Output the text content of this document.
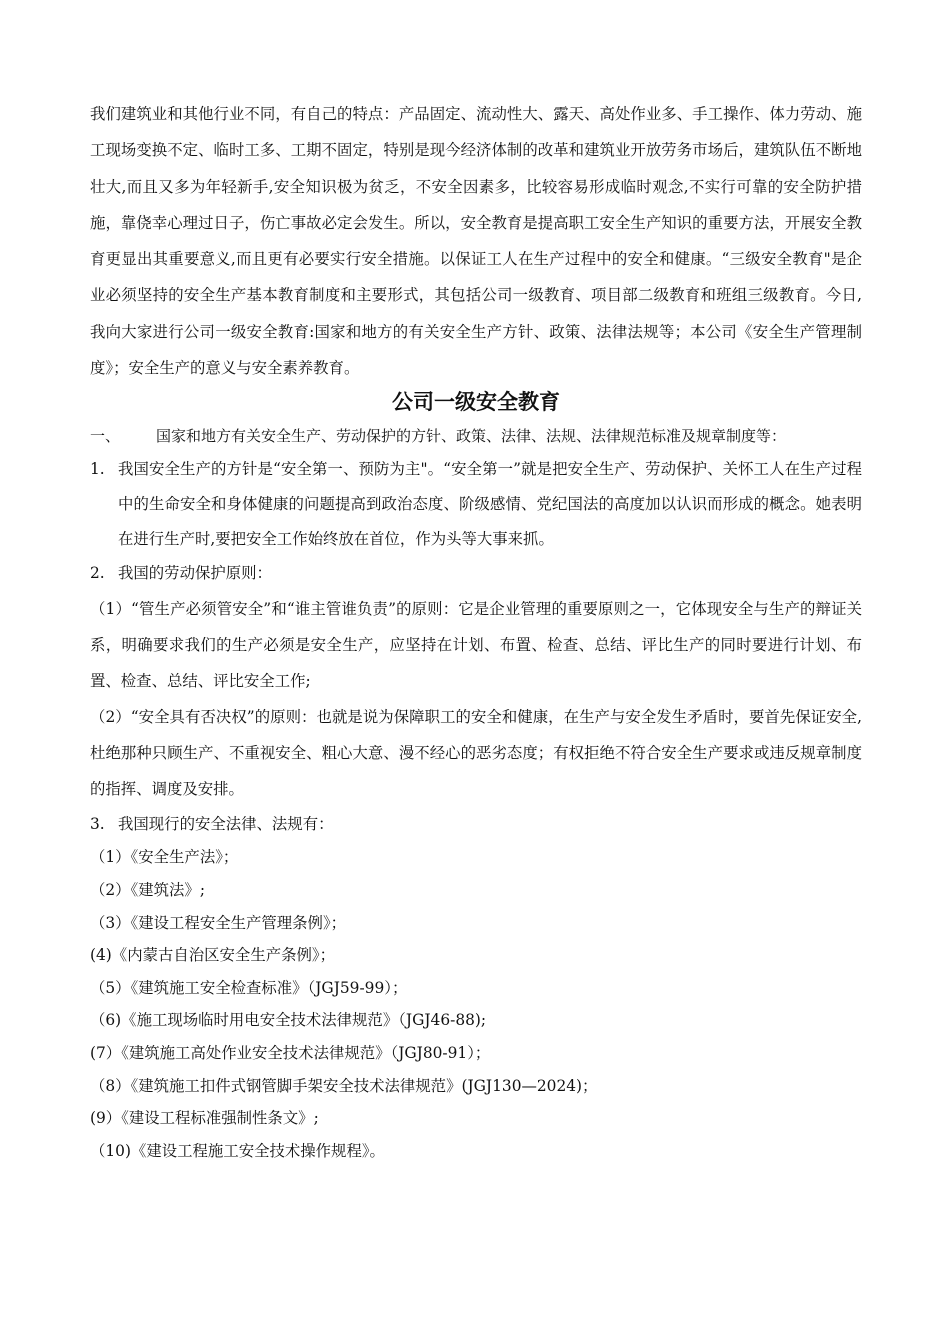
我们建筑业和其他行业不同，有自己的特点：产品固定、流动性大、露天、高处作业多、手工操作、体力劳动、施工现场变换不定、临时工多、工期不固定，特别是现今经济体制的改革和建筑业开放劳务市场后，建筑队伍不断地壮大,而且又多为年轻新手,安全知识极为贫乏，不安全因素多，比较容易形成临时观念,不实行可靠的安全防护措施，靠侥幸心理过日子，伤亡事故必定会发生。所以，安全教育是提高职工安全生产知识的重要方法，开展安全教育更显出其重要意义,而且更有必要实行安全措施。以保证工人在生产过程中的安全和健康。“三级安全教育"是企业必须坚持的安全生产基本教育制度和主要形式，其包括公司一级教育、项目部二级教育和班组三级教育。今日,我向大家进行公司一级安全教育:国家和地方的有关安全生产方针、政策、法律法规等；本公司《安全生产管理制度》；安全生产的意义与安全素养教育。

公司一级安全教育
一、	国家和地方有关安全生产、劳动保护的方针、政策、法律、法规、法律规范标准及规章制度等：
1. 我国安全生产的方针是“安全第一、预防为主"。“安全第一”就是把安全生产、劳动保护、关怀工人在生产过程中的生命安全和身体健康的问题提高到政治态度、阶级感情、党纪国法的高度加以认识而形成的概念。她表明在进行生产时,要把安全工作始终放在首位，作为头等大事来抓。
2. 我国的劳动保护原则：

（1）“管生产必须管安全”和“谁主管谁负责”的原则：它是企业管理的重要原则之一，它体现安全与生产的辩证关系，明确要求我们的生产必须是安全生产，应坚持在计划、布置、检查、总结、评比生产的同时要进行计划、布置、检查、总结、评比安全工作;

（2）“安全具有否决权”的原则：也就是说为保障职工的安全和健康，在生产与安全发生矛盾时，要首先保证安全,杜绝那种只顾生产、不重视安全、粗心大意、漫不经心的恶劣态度；有权拒绝不符合安全生产要求或违反规章制度的指挥、调度及安排。

3. 我国现行的安全法律、法规有：

（1）《安全生产法》；

（2）《建筑法》;

（3）《建设工程安全生产管理条例》；

(4)《内蒙古自治区安全生产条例》；

（5）《建筑施工安全检查标准》（JGJ59-99）；

（6)《施工现场临时用电安全技术法律规范》（JGJ46-88);

(7）《建筑施工高处作业安全技术法律规范》（JGJ80-91）；

（8）《建筑施工扣件式钢管脚手架安全技术法律规范》(JGJ130—2024)；

(9）《建设工程标准强制性条文》;

（10)《建设工程施工安全技术操作规程》。
